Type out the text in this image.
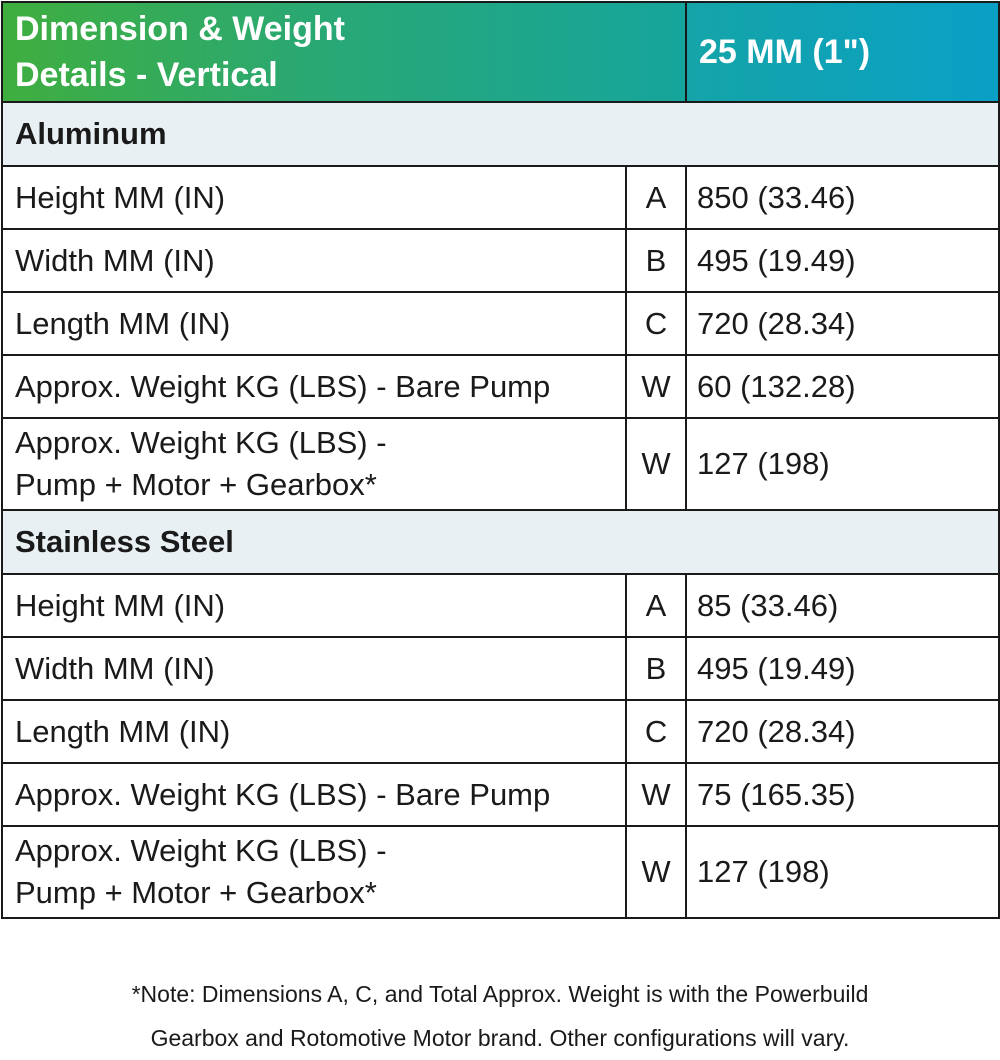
Dimension & Weight
Details - Vertical		25 MM (1")
Aluminum		
Height MM (IN)	A	850 (33.46)
Width MM (IN)	B	495 (19.49)
Length MM (IN)	C	720 (28.34)
Approx. Weight KG (LBS) - Bare Pump	W	60 (132.28)

Approx. Weight KG (LBS) -
Pump + Motor + Gearbox*	W	127 (198)
Stainless Steel		
Height MM (IN)	A	85 (33.46)
Width MM (IN)	B	495 (19.49)
Length MM (IN)	C	720 (28.34)
Approx. Weight KG (LBS) - Bare Pump	W	75 (165.35)

Approx. Weight KG (LBS) -
Pump + Motor + Gearbox*	W	127 (198)
*Note: Dimensions A, C, and Total Approx. Weight is with the Powerbuild
Gearbox and Rotomotive Motor brand. Other configurations will vary.
